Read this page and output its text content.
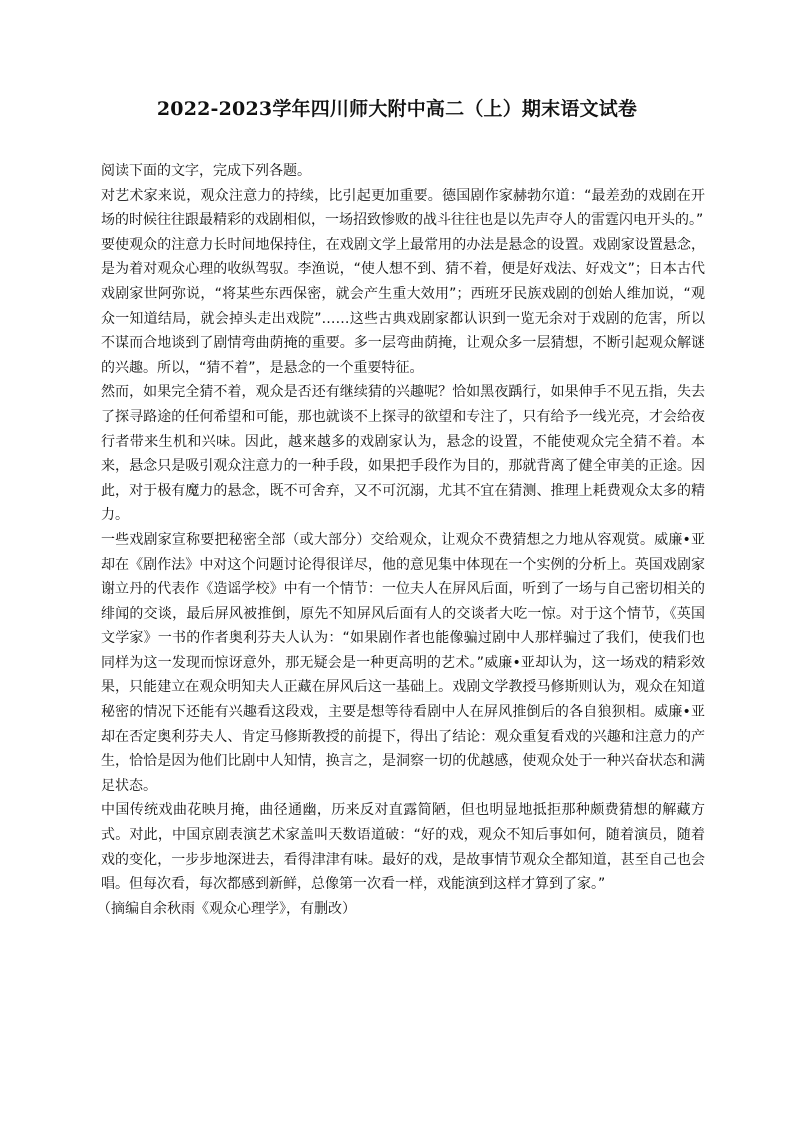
2022-2023学年四川师大附中高二（上）期末语文试卷

阅读下面的文字，完成下列各题。

对艺术家来说，观众注意力的持续，比引起更加重要。德国剧作家赫勃尔道：“最差劲的戏剧在开场的时候往往跟最精彩的戏剧相似，一场招致惨败的战斗往往也是以先声夺人的雷霆闪电开头的。”

要使观众的注意力长时间地保持住，在戏剧文学上最常用的办法是悬念的设置。戏剧家设置悬念，是为着对观众心理的收纵驾驭。李渔说，“使人想不到、猜不着，便是好戏法、好戏文”；日本古代戏剧家世阿弥说，“将某些东西保密，就会产生重大效用”；西班牙民族戏剧的创始人维加说，“观众一知道结局，就会掉头走出戏院”……这些古典戏剧家都认识到一览无余对于戏剧的危害，所以不谋而合地谈到了剧情弯曲荫掩的重要。多一层弯曲荫掩，让观众多一层猜想，不断引起观众解谜的兴趣。所以，“猜不着”，是悬念的一个重要特征。

然而，如果完全猜不着，观众是否还有继续猜的兴趣呢？恰如黑夜踽行，如果伸手不见五指，失去了探寻路途的任何希望和可能，那也就谈不上探寻的欲望和专注了，只有给予一线光亮，才会给夜行者带来生机和兴味。因此，越来越多的戏剧家认为，悬念的设置，不能使观众完全猜不着。本来，悬念只是吸引观众注意力的一种手段，如果把手段作为目的，那就背离了健全审美的正途。因此，对于极有魔力的悬念，既不可舍弃，又不可沉溺，尤其不宜在猜测、推理上耗费观众太多的精力。

一些戏剧家宣称要把秘密全部（或大部分）交给观众，让观众不费猜想之力地从容观赏。威廉•亚却在《剧作法》中对这个问题讨论得很详尽，他的意见集中体现在一个实例的分析上。英国戏剧家谢立丹的代表作《造谣学校》中有一个情节：一位夫人在屏风后面，听到了一场与自己密切相关的绯闻的交谈，最后屏风被推倒，原先不知屏风后面有人的交谈者大吃一惊。对于这个情节，《英国文学家》一书的作者奥利芬夫人认为：“如果剧作者也能像骗过剧中人那样骗过了我们，使我们也同样为这一发现而惊讶意外，那无疑会是一种更高明的艺术。”威廉•亚却认为，这一场戏的精彩效果，只能建立在观众明知夫人正藏在屏风后这一基础上。戏剧文学教授马修斯则认为，观众在知道秘密的情况下还能有兴趣看这段戏，主要是想等待看剧中人在屏风推倒后的各自狼狈相。威廉•亚却在否定奥利芬夫人、肯定马修斯教授的前提下，得出了结论：观众重复看戏的兴趣和注意力的产生，恰恰是因为他们比剧中人知情，换言之，是洞察一切的优越感，使观众处于一种兴奋状态和满足状态。

中国传统戏曲花映月掩，曲径通幽，历来反对直露简陋，但也明显地抵拒那种颇费猜想的解藏方式。对此，中国京剧表演艺术家盖叫天数语道破：“好的戏，观众不知后事如何，随着演员，随着戏的变化，一步步地深进去，看得津津有味。最好的戏，是故事情节观众全都知道，甚至自己也会唱。但每次看，每次都感到新鲜，总像第一次看一样，戏能演到这样才算到了家。”

（摘编自余秋雨《观众心理学》，有删改）
